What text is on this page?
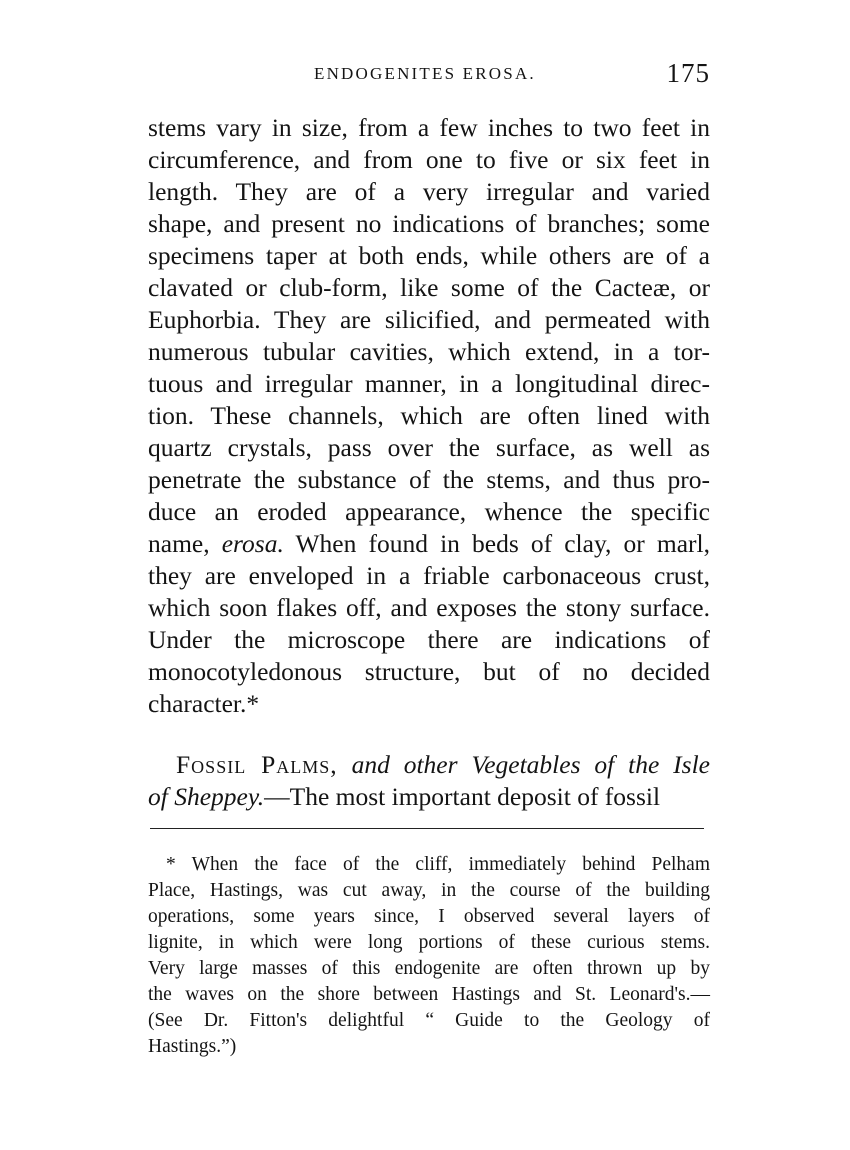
ENDOGENITES EROSA.	175
stems vary in size, from a few inches to two feet in
circumference, and from one to five or six feet in
length. They are of a very irregular and varied
shape, and present no indications of branches; some
specimens taper at both ends, while others are of a
clavated or club-form, like some of the Cacteæ, or
Euphorbia. They are silicified, and permeated with
numerous tubular cavities, which extend, in a tor-
tuous and irregular manner, in a longitudinal direc-
tion. These channels, which are often lined with
quartz crystals, pass over the surface, as well as
penetrate the substance of the stems, and thus pro-
duce an eroded appearance, whence the specific
name, erosa. When found in beds of clay, or marl,
they are enveloped in a friable carbonaceous crust,
which soon flakes off, and exposes the stony surface.
Under the microscope there are indications of
monocotyledonous structure, but of no decided
character.*
Fossil Palms, and other Vegetables of the Isle
of Sheppey.—The most important deposit of fossil
* When the face of the cliff, immediately behind Pelham
Place, Hastings, was cut away, in the course of the building
operations, some years since, I observed several layers of
lignite, in which were long portions of these curious stems.
Very large masses of this endogenite are often thrown up by
the waves on the shore between Hastings and St. Leonard's.—
(See Dr. Fitton's delightful “ Guide to the Geology of
Hastings.”)
